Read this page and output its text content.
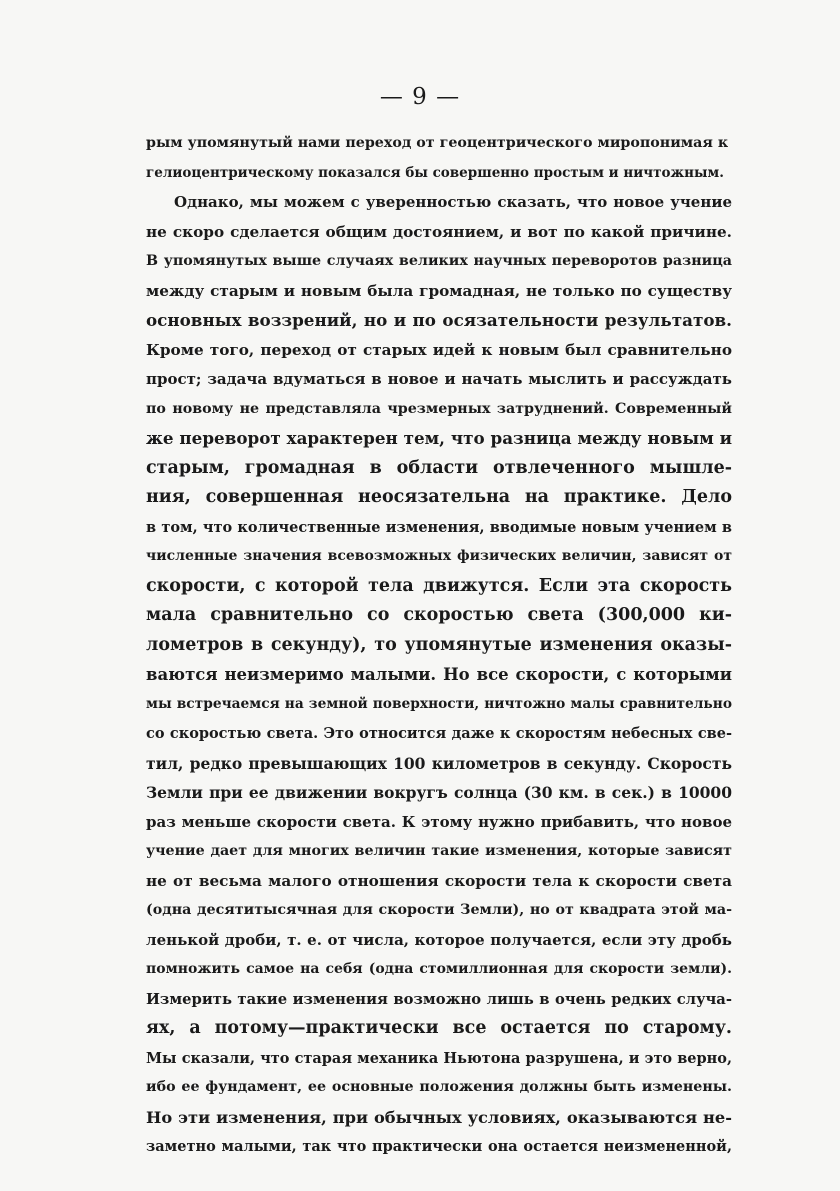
— 9 —
рым упомянутый нами переход от геоцентрического миропонимая к
гелиоцентрическому показался бы совершенно простым и ничтожным.
Однако, мы можем с уверенностью сказать, что новое учение
не скоро сделается общим достоянием, и вот по какой причине.
В упомянутых выше случаях великих научных переворотов разница
между старым и новым была громадная, не только по существу
основных воззрений, но и по осязательности результатов.
Кроме того, переход от старых идей к новым был сравнительно
прост; задача вдуматься в новое и начать мыслить и рассуждать
по новому не представляла чрезмерных затруднений. Современный
же переворот характерен тем, что разница между новым и
старым, громадная в области отвлеченного мышле-
ния, совершенная неосязательна на практике. Дело
в том, что количественные изменения, вводимые новым учением в
численные значения всевозможных физических величин, зависят от
скорости, с которой тела движутся. Если эта скорость
мала сравнительно со скоростью света (300,000 ки-
лометров в секунду), то упомянутые изменения оказы-
ваются неизмеримо малыми. Но все скорости, с которыми
мы встречаемся на земной поверхности, ничтожно малы сравнительно
со скоростью света. Это относится даже к скоростям небесных све-
тил, редко превышающих 100 километров в секунду. Скорость
Земли при ее движении вокругъ солнца (30 км. в сек.) в 10000
раз меньше скорости света. К этому нужно прибавить, что новое
учение дает для многих величин такие изменения, которые зависят
не от весьма малого отношения скорости тела к скорости света
(одна десятитысячная для скорости Земли), но от квадрата этой ма-
ленькой дроби, т. е. от числа, которое получается, если эту дробь
помножить самое на себя (одна стомиллионная для скорости земли).
Измерить такие изменения возможно лишь в очень редких случа-
ях, а потому—практически все остается по старому.
Мы сказали, что старая механика Ньютона разрушена, и это верно,
ибо ее фундамент, ее основные положения должны быть изменены.
Но эти изменения, при обычных условиях, оказываются не-
заметно малыми, так что практически она остается неизмененной,
